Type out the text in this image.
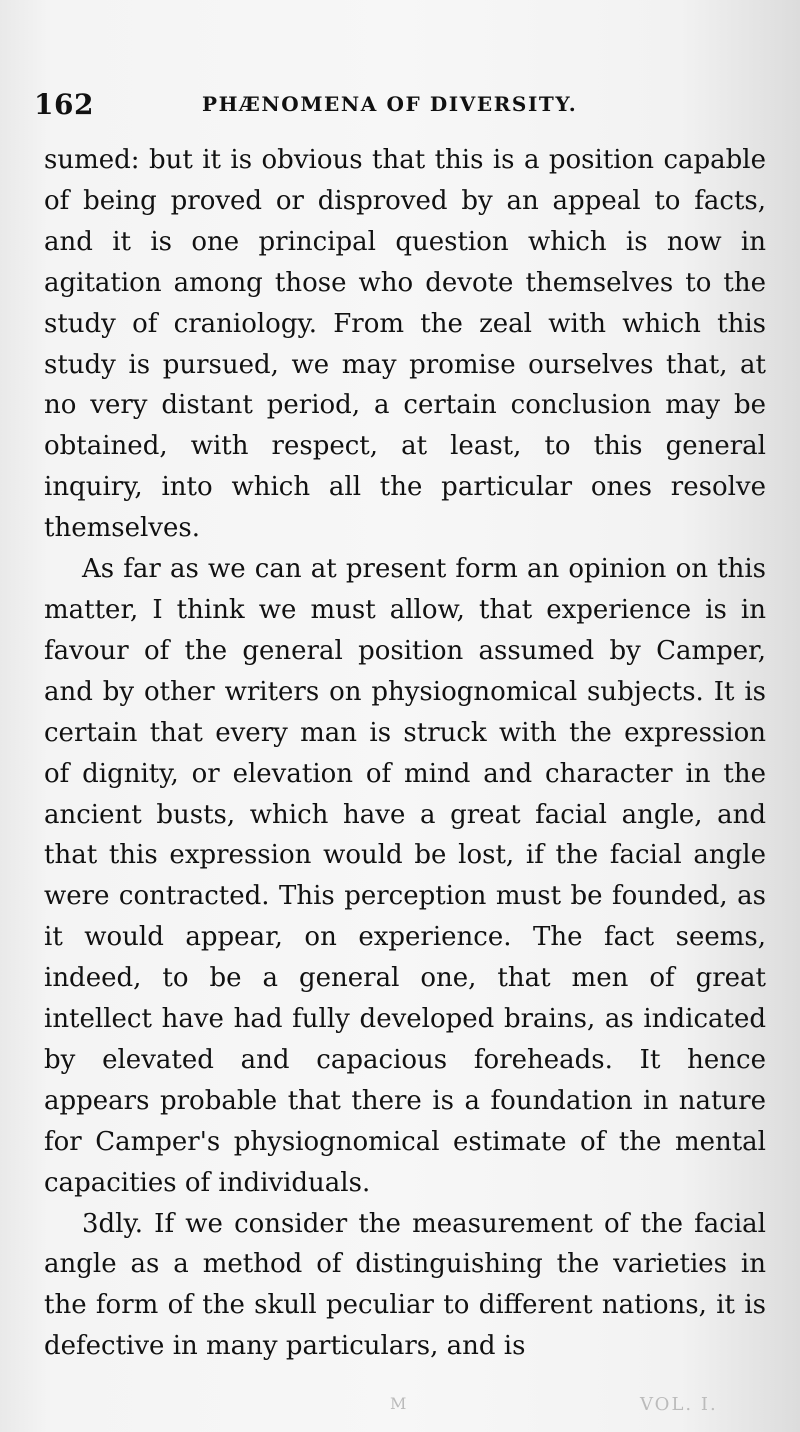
162	PHÆNOMENA OF DIVERSITY.

sumed: but it is obvious that this is a position capable of being proved or disproved by an appeal to facts, and it is one principal question which is now in agitation among those who devote themselves to the study of craniology. From the zeal with which this study is pursued, we may promise ourselves that, at no very distant period, a certain conclusion may be obtained, with respect, at least, to this general inquiry, into which all the particular ones resolve themselves.

As far as we can at present form an opinion on this matter, I think we must allow, that experience is in favour of the general position assumed by Camper, and by other writers on physiognomical subjects. It is certain that every man is struck with the expression of dignity, or elevation of mind and character in the ancient busts, which have a great facial angle, and that this expression would be lost, if the facial angle were contracted. This perception must be founded, as it would appear, on experience. The fact seems, indeed, to be a general one, that men of great intellect have had fully developed brains, as indicated by elevated and capacious foreheads. It hence appears probable that there is a foundation in nature for Camper's physiognomical estimate of the mental capacities of individuals.

3dly. If we consider the measurement of the facial angle as a method of distinguishing the varieties in the form of the skull peculiar to different nations, it is defective in many particulars, and is

M	VOL. I.
